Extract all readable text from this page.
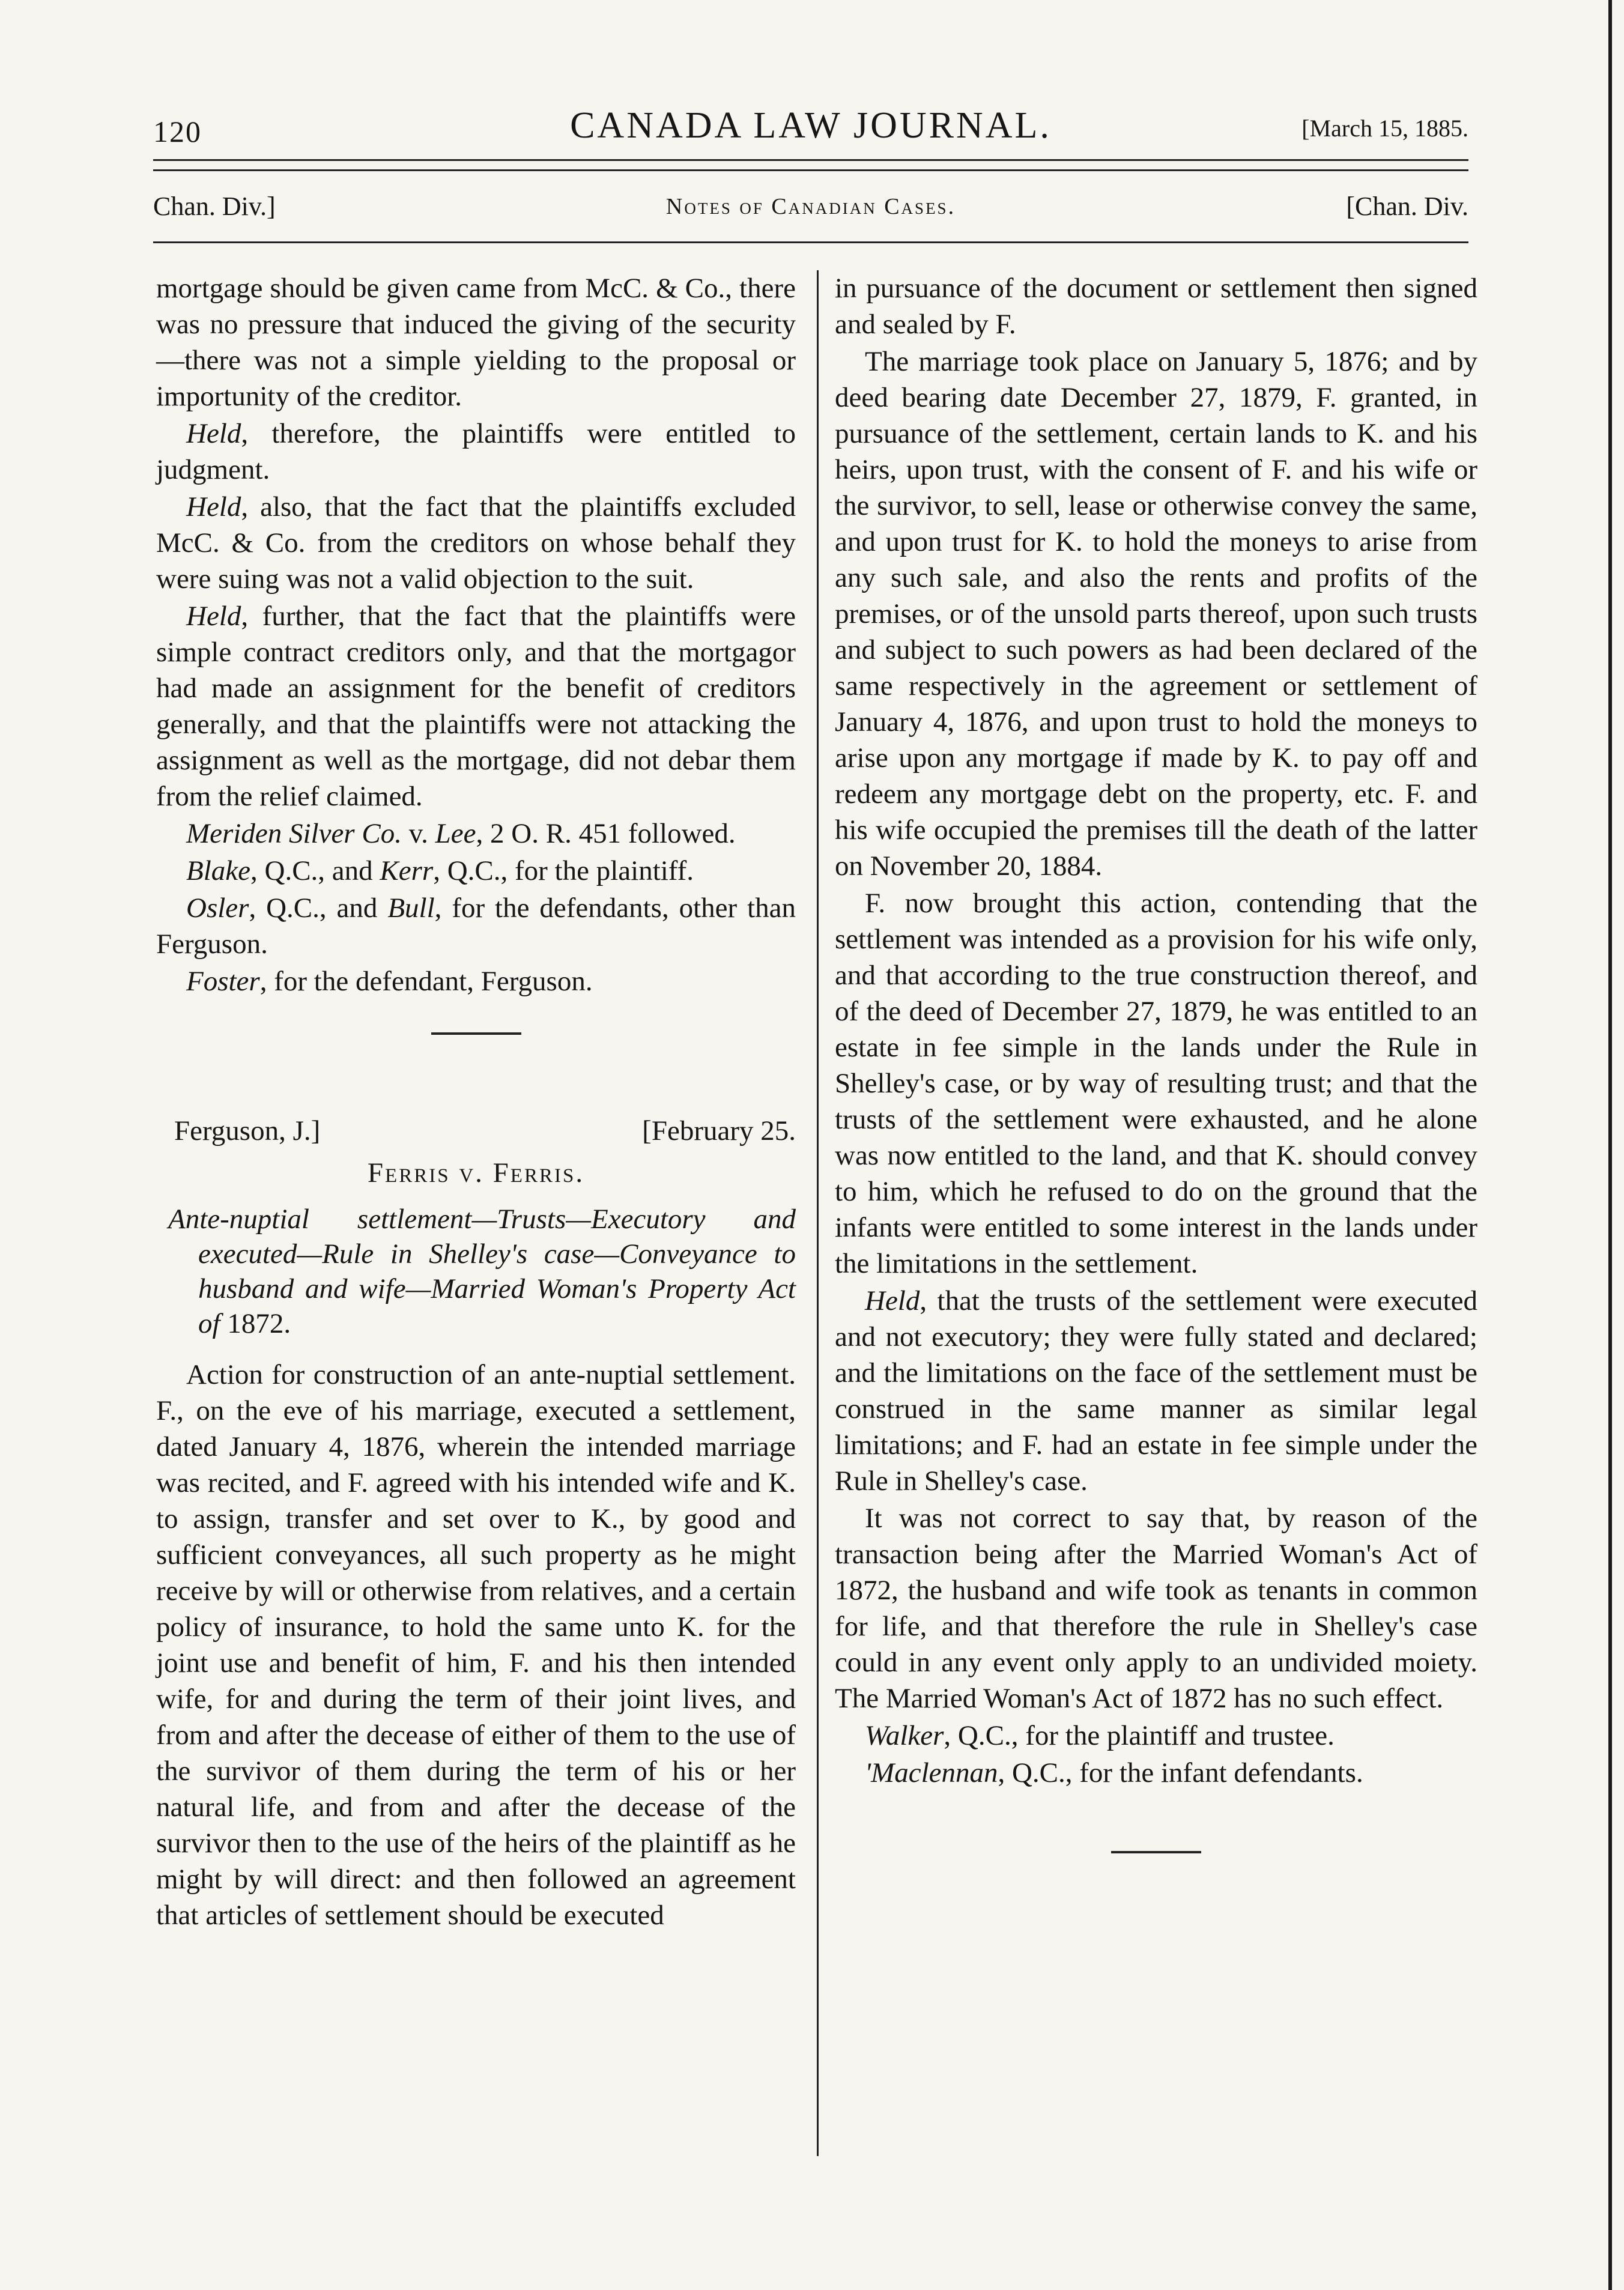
120	CANADA LAW JOURNAL.	[March 15, 1885.
Chan. Div.]	Notes of Canadian Cases.	[Chan. Div.

mortgage should be given came from McC. & Co., there was no pressure that induced the giving of the security—there was not a simple yielding to the proposal or importunity of the creditor.

Held, therefore, the plaintiffs were entitled to judgment.

Held, also, that the fact that the plaintiffs excluded McC. & Co. from the creditors on whose behalf they were suing was not a valid objection to the suit.

Held, further, that the fact that the plaintiffs were simple contract creditors only, and that the mortgagor had made an assignment for the benefit of creditors generally, and that the plaintiffs were not attacking the assignment as well as the mortgage, did not debar them from the relief claimed.

Meriden Silver Co. v. Lee, 2 O. R. 451 followed.

Blake, Q.C., and Kerr, Q.C., for the plaintiff.

Osler, Q.C., and Bull, for the defendants, other than Ferguson.

Foster, for the defendant, Ferguson.

Ferguson, J.]	[February 25.
Ferris v. Ferris.

Ante-nuptial settlement—Trusts—Executory and executed—Rule in Shelley's case—Conveyance to husband and wife—Married Woman's Property Act of 1872.

Action for construction of an ante-nuptial settlement. F., on the eve of his marriage, executed a settlement, dated January 4, 1876, wherein the intended marriage was recited, and F. agreed with his intended wife and K. to assign, transfer and set over to K., by good and sufficient conveyances, all such property as he might receive by will or otherwise from relatives, and a certain policy of insurance, to hold the same unto K. for the joint use and benefit of him, F. and his then intended wife, for and during the term of their joint lives, and from and after the decease of either of them to the use of the survivor of them during the term of his or her natural life, and from and after the decease of the survivor then to the use of the heirs of the plaintiff as he might by will direct: and then followed an agreement that articles of settlement should be executed

in pursuance of the document or settlement then signed and sealed by F.

The marriage took place on January 5, 1876; and by deed bearing date December 27, 1879, F. granted, in pursuance of the settlement, certain lands to K. and his heirs, upon trust, with the consent of F. and his wife or the survivor, to sell, lease or otherwise convey the same, and upon trust for K. to hold the moneys to arise from any such sale, and also the rents and profits of the premises, or of the unsold parts thereof, upon such trusts and subject to such powers as had been declared of the same respectively in the agreement or settlement of January 4, 1876, and upon trust to hold the moneys to arise upon any mortgage if made by K. to pay off and redeem any mortgage debt on the property, etc. F. and his wife occupied the premises till the death of the latter on November 20, 1884.

F. now brought this action, contending that the settlement was intended as a provision for his wife only, and that according to the true construction thereof, and of the deed of December 27, 1879, he was entitled to an estate in fee simple in the lands under the Rule in Shelley's case, or by way of resulting trust; and that the trusts of the settlement were exhausted, and he alone was now entitled to the land, and that K. should convey to him, which he refused to do on the ground that the infants were entitled to some interest in the lands under the limitations in the settlement.

Held, that the trusts of the settlement were executed and not executory; they were fully stated and declared; and the limitations on the face of the settlement must be construed in the same manner as similar legal limitations; and F. had an estate in fee simple under the Rule in Shelley's case.

It was not correct to say that, by reason of the transaction being after the Married Woman's Act of 1872, the husband and wife took as tenants in common for life, and that therefore the rule in Shelley's case could in any event only apply to an undivided moiety. The Married Woman's Act of 1872 has no such effect.

Walker, Q.C., for the plaintiff and trustee.

'Maclennan, Q.C., for the infant defendants.
